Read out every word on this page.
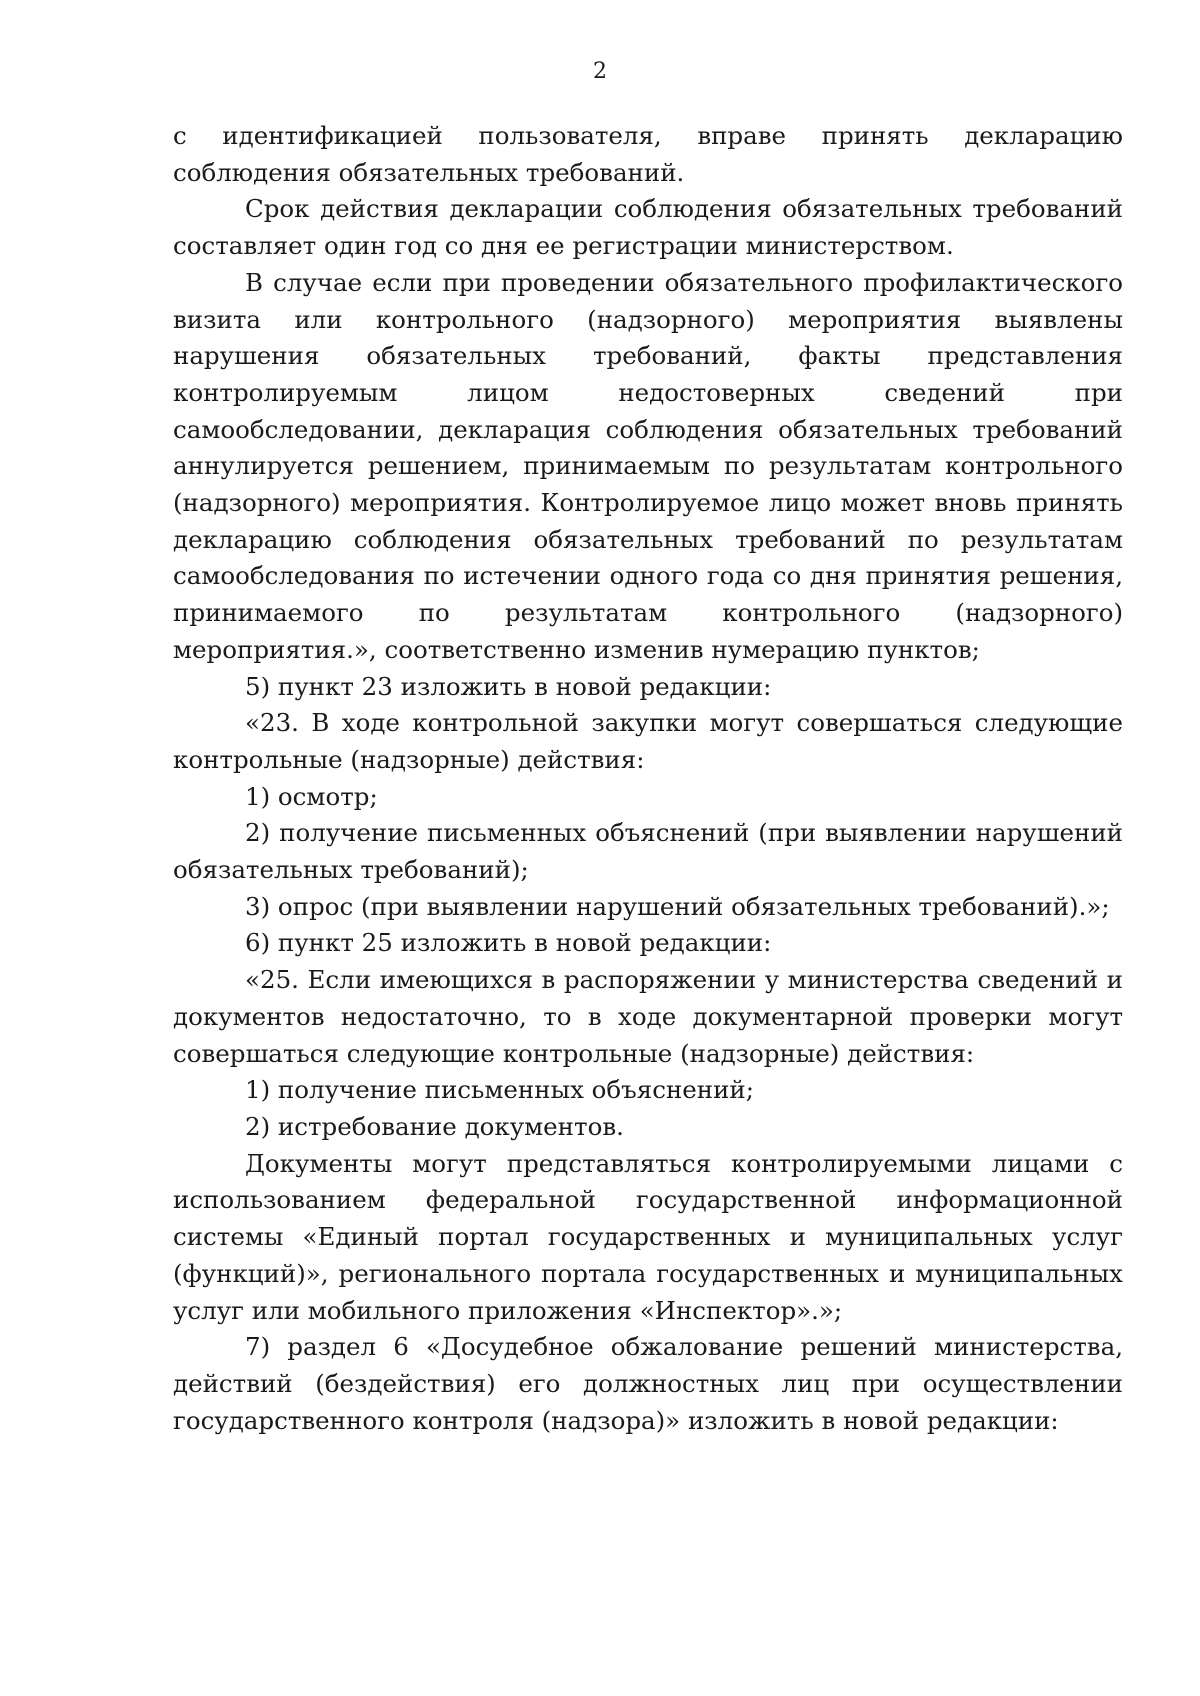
2

с идентификацией пользователя, вправе принять декларацию соблюдения обязательных требований.

Срок действия декларации соблюдения обязательных требований составляет один год со дня ее регистрации министерством.

В случае если при проведении обязательного профилактического визита или контрольного (надзорного) мероприятия выявлены нарушения обязательных требований, факты представления контролируемым лицом недостоверных сведений при самообследовании, декларация соблюдения обязательных требований аннулируется решением, принимаемым по результатам контрольного (надзорного) мероприятия. Контролируемое лицо может вновь принять декларацию соблюдения обязательных требований по результатам самообследования по истечении одного года со дня принятия решения, принимаемого по результатам контрольного (надзорного) мероприятия.», соответственно изменив нумерацию пунктов;

5) пункт 23 изложить в новой редакции:

«23. В ходе контрольной закупки могут совершаться следующие контрольные (надзорные) действия:

1) осмотр;

2) получение письменных объяснений (при выявлении нарушений обязательных требований);

3) опрос (при выявлении нарушений обязательных требований).»;

6) пункт 25 изложить в новой редакции:

«25. Если имеющихся в распоряжении у министерства сведений и документов недостаточно, то в ходе документарной проверки могут совершаться следующие контрольные (надзорные) действия:

1) получение письменных объяснений;

2) истребование документов.

Документы могут представляться контролируемыми лицами с использованием федеральной государственной информационной системы «Единый портал государственных и муниципальных услуг (функций)», регионального портала государственных и муниципальных услуг или мобильного приложения «Инспектор».»;

7) раздел 6 «Досудебное обжалование решений министерства, действий (бездействия) его должностных лиц при осуществлении государственного контроля (надзора)» изложить в новой редакции:
